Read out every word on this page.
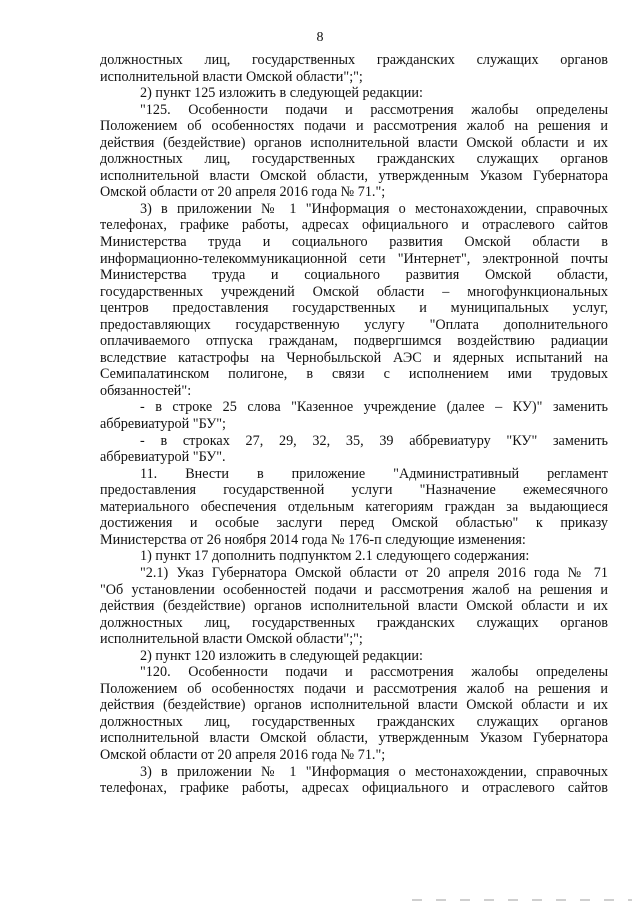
8

должностных лиц, государственных гражданских служащих органов

исполнительной власти Омской области";";

2) пункт 125 изложить в следующей редакции:

"125. Особенности подачи и рассмотрения жалобы определены

Положением об особенностях подачи и рассмотрения жалоб на решения и

действия (бездействие) органов исполнительной власти Омской области и их

должностных лиц, государственных гражданских служащих органов

исполнительной власти Омской области, утвержденным Указом Губернатора

Омской области от 20 апреля 2016 года № 71.";

3) в приложении № 1 "Информация о местонахождении, справочных

телефонах, графике работы, адресах официального и отраслевого сайтов

Министерства труда и социального развития Омской области в

информационно-телекоммуникационной сети "Интернет", электронной почты

Министерства труда и социального развития Омской области,

государственных учреждений Омской области – многофункциональных

центров предоставления государственных и муниципальных услуг,

предоставляющих государственную услугу "Оплата дополнительного

оплачиваемого отпуска гражданам, подвергшимся воздействию радиации

вследствие катастрофы на Чернобыльской АЭС и ядерных испытаний на

Семипалатинском полигоне, в связи с исполнением ими трудовых

обязанностей":

- в строке 25 слова "Казенное учреждение (далее – КУ)" заменить

аббревиатурой "БУ";

- в строках 27, 29, 32, 35, 39 аббревиатуру "КУ" заменить

аббревиатурой "БУ".

11. Внести в приложение "Административный регламент

предоставления государственной услуги "Назначение ежемесячного

материального обеспечения отдельным категориям граждан за выдающиеся

достижения и особые заслуги перед Омской областью" к приказу

Министерства от 26 ноября 2014 года № 176-п следующие изменения:

1) пункт 17 дополнить подпунктом 2.1 следующего содержания:

"2.1) Указ Губернатора Омской области от 20 апреля 2016 года № 71

"Об установлении особенностей подачи и рассмотрения жалоб на решения и

действия (бездействие) органов исполнительной власти Омской области и их

должностных лиц, государственных гражданских служащих органов

исполнительной власти Омской области";";

2) пункт 120 изложить в следующей редакции:

"120. Особенности подачи и рассмотрения жалобы определены

Положением об особенностях подачи и рассмотрения жалоб на решения и

действия (бездействие) органов исполнительной власти Омской области и их

должностных лиц, государственных гражданских служащих органов

исполнительной власти Омской области, утвержденным Указом Губернатора

Омской области от 20 апреля 2016 года № 71.";

3) в приложении № 1 "Информация о местонахождении, справочных

телефонах, графике работы, адресах официального и отраслевого сайтов
